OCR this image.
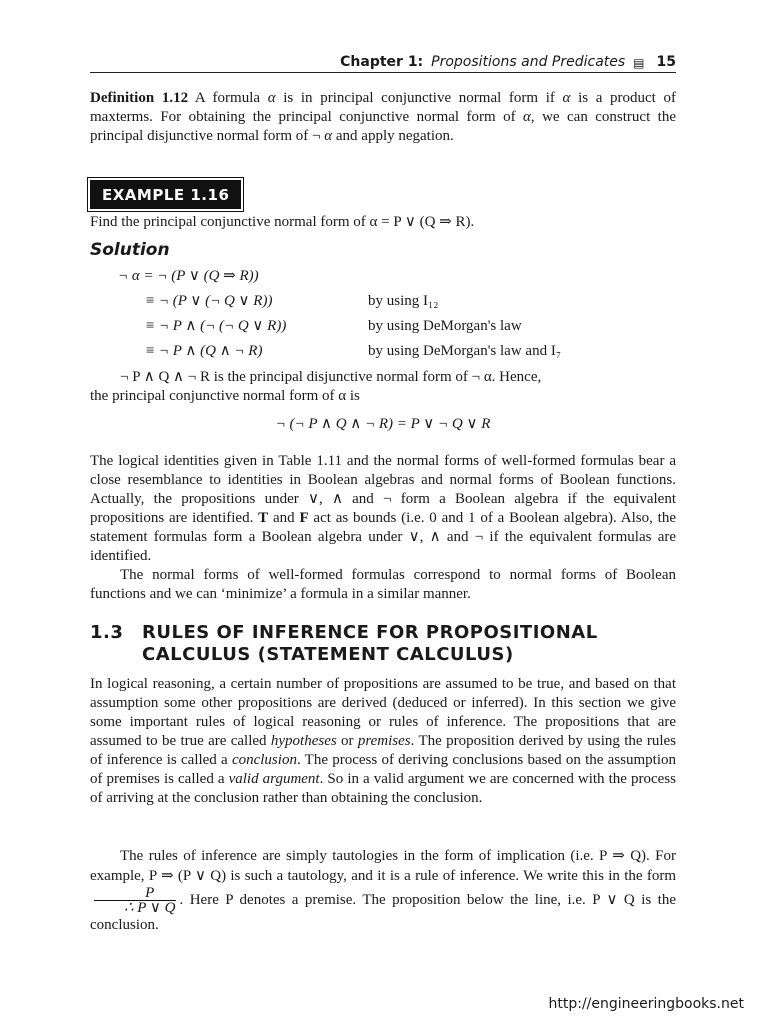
Chapter 1: Propositions and Predicates ▤ 15

Definition 1.12 A formula α is in principal conjunctive normal form if α is a product of maxterms. For obtaining the principal conjunctive normal form of α, we can construct the principal disjunctive normal form of ¬ α and apply negation.

EXAMPLE 1.16

Find the principal conjunctive normal form of α = P ∨ (Q ⇒ R).

Solution
¬ α = ¬ (P ∨ (Q ⇒ R))
≡ ¬ (P ∨ (¬ Q ∨ R))	by using I₁₂
≡ ¬ P ∧ (¬ (¬ Q ∨ R))	by using DeMorgan's law
≡ ¬ P ∧ (Q ∧ ¬ R)	by using DeMorgan's law and I₇

¬ P ∧ Q ∧ ¬ R is the principal disjunctive normal form of ¬ α. Hence,
the principal conjunctive normal form of α is

¬ (¬ P ∧ Q ∧ ¬ R) = P ∨ ¬ Q ∨ R

The logical identities given in Table 1.11 and the normal forms of well-formed formulas bear a close resemblance to identities in Boolean algebras and normal forms of Boolean functions. Actually, the propositions under ∨, ∧ and ¬ form a Boolean algebra if the equivalent propositions are identified. T and F act as bounds (i.e. 0 and 1 of a Boolean algebra). Also, the statement formulas form a Boolean algebra under ∨, ∧ and ¬ if the equivalent formulas are identified.

The normal forms of well-formed formulas correspond to normal forms of Boolean functions and we can ‘minimize’ a formula in a similar manner.

1.3 RULES OF INFERENCE FOR PROPOSITIONAL
CALCULUS (STATEMENT CALCULUS)

In logical reasoning, a certain number of propositions are assumed to be true, and based on that assumption some other propositions are derived (deduced or inferred). In this section we give some important rules of logical reasoning or rules of inference. The propositions that are assumed to be true are called hypotheses or premises. The proposition derived by using the rules of inference is called a conclusion. The process of deriving conclusions based on the assumption of premises is called a valid argument. So in a valid argument we are concerned with the process of arriving at the conclusion rather than obtaining the conclusion.

The rules of inference are simply tautologies in the form of implication (i.e. P ⇒ Q). For example, P ⇒ (P ∨ Q) is such a tautology, and it is a rule of inference. We write this in the form
$\frac{P}{\therefore P \vee Q}$ . Here P denotes a premise. The proposition below the line, i.e. P ∨ Q is the conclusion.

http://engineeringbooks.net
